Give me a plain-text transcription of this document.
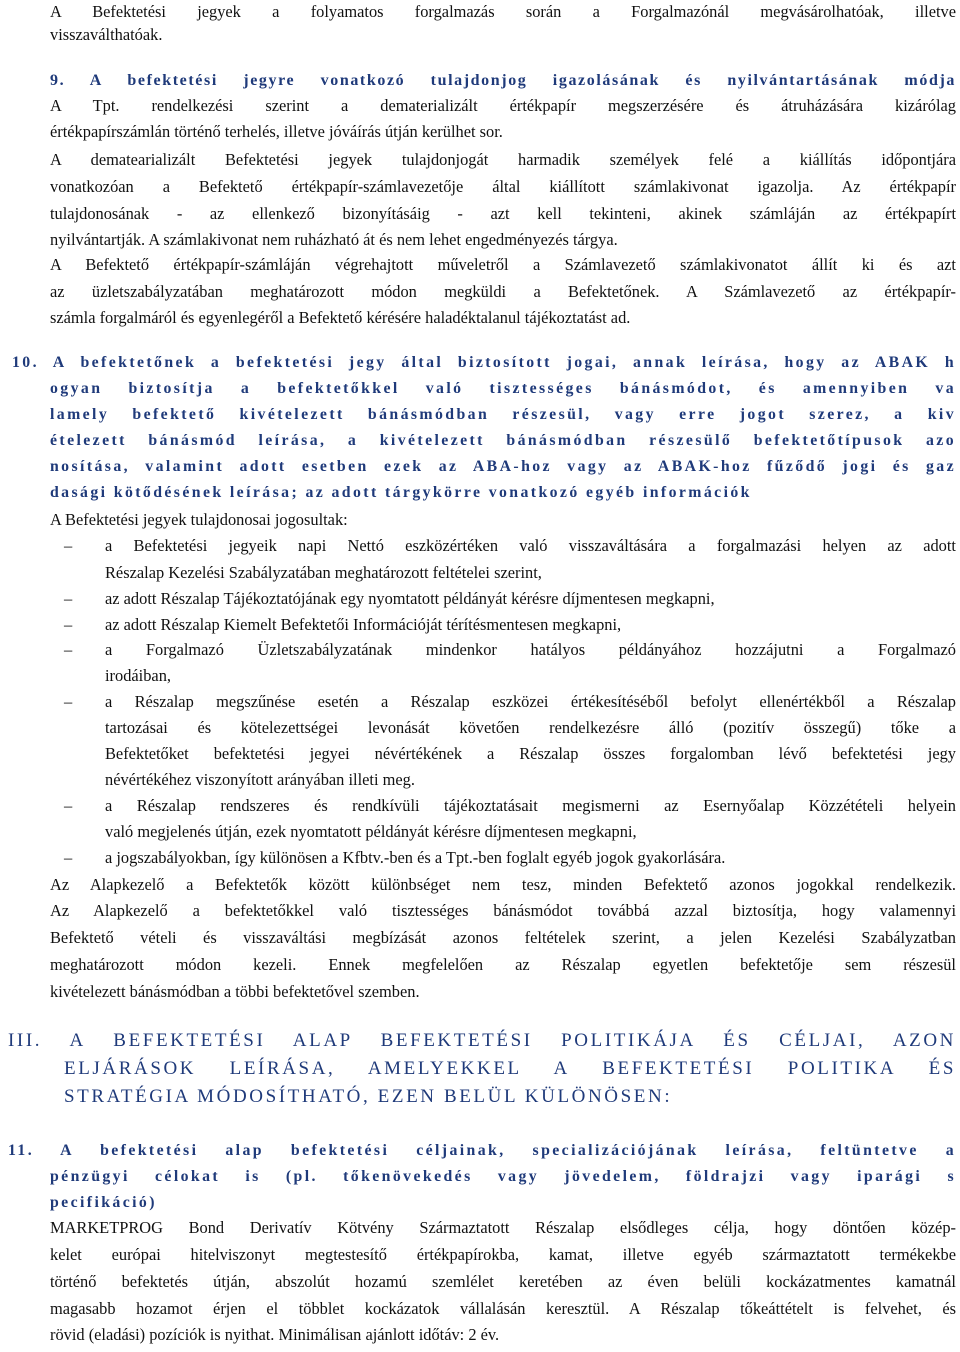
A Befektetési jegyek a folyamatos forgalmazás során a Forgalmazónál megvásárolhatóak, illetve
visszaválthatóak.
9. A befektetési jegyre vonatkozó tulajdonjog igazolásának és nyilvántartásának módja
A Tpt. rendelkezési szerint a dematerializált értékpapír megszerzésére és átruházására kizárólag
értékpapírszámlán történő terhelés, illetve jóváírás útján kerülhet sor.
A dematearializált Befektetési jegyek tulajdonjogát harmadik személyek felé a kiállítás időpontjára
vonatkozóan a Befektető értékpapír-számlavezetője által kiállított számlakivonat igazolja. Az értékpapír
tulajdonosának - az ellenkező bizonyításáig - azt kell tekinteni, akinek számláján az értékpapírt
nyilvántartják. A számlakivonat nem ruházható át és nem lehet engedményezés tárgya.
A Befektető értékpapír-számláján végrehajtott műveletről a Számlavezető számlakivonatot állít ki és azt
az üzletszabályzatában meghatározott módon megküldi a Befektetőnek. A Számlavezető az értékpapír-
számla forgalmáról és egyenlegéről a Befektető kérésére haladéktalanul tájékoztatást ad.
10. A befektetőnek a befektetési jegy által biztosított jogai, annak leírása, hogy az ABAK h
ogyan biztosítja a befektetőkkel való tisztességes bánásmódot, és amennyiben va
lamely befektető kivételezett bánásmódban részesül, vagy erre jogot szerez, a kiv
ételezett bánásmód leírása, a kivételezett bánásmódban részesülő befektetőtípusok azo
nosítása, valamint adott esetben ezek az ABA-hoz vagy az ABAK-hoz fűződő jogi és gaz
dasági kötődésének leírása; az adott tárgykörre vonatkozó egyéb információk
A Befektetési jegyek tulajdonosai jogosultak:
– a Befektetési jegyeik napi Nettó eszközértéken való visszaváltására a forgalmazási helyen az adott
Részalap Kezelési Szabályzatában meghatározott feltételei szerint,
– az adott Részalap Tájékoztatójának egy nyomtatott példányát kérésre díjmentesen megkapni,
– az adott Részalap Kiemelt Befektetői Információját térítésmentesen megkapni,
– a Forgalmazó Üzletszabályzatának mindenkor hatályos példányához hozzájutni a Forgalmazó
irodáiban,
– a Részalap megszűnése esetén a Részalap eszközei értékesítéséből befolyt ellenértékből a Részalap
tartozásai és kötelezettségei levonását követően rendelkezésre álló (pozitív összegű) tőke a
Befektetőket befektetési jegyei névértékének a Részalap összes forgalomban lévő befektetési jegy
névértékéhez viszonyított arányában illeti meg.
– a Részalap rendszeres és rendkívüli tájékoztatásait megismerni az Esernyőalap Közzétételi helyein
való megjelenés útján, ezek nyomtatott példányát kérésre díjmentesen megkapni,
– a jogszabályokban, így különösen a Kfbtv.-ben és a Tpt.-ben foglalt egyéb jogok gyakorlására.
Az Alapkezelő a Befektetők között különbséget nem tesz, minden Befektető azonos jogokkal rendelkezik.
Az Alapkezelő a befektetőkkel való tisztességes bánásmódot továbbá azzal biztosítja, hogy valamennyi
Befektető vételi és visszaváltási megbízását azonos feltételek szerint, a jelen Kezelési Szabályzatban
meghatározott módon kezeli. Ennek megfelelően az Részalap egyetlen befektetője sem részesül
kivételezett bánásmódban a többi befektetővel szemben.
III. A BEFEKTETÉSI ALAP BEFEKTETÉSI POLITIKÁJA ÉS CÉLJAI, AZON
ELJÁRÁSOK LEÍRÁSA, AMELYEKKEL A BEFEKTETÉSI POLITIKA ÉS
STRATÉGIA MÓDOSÍTHATÓ, EZEN BELÜL KÜLÖNÖSEN:
11. A befektetési alap befektetési céljainak, specializációjának leírása, feltüntetve a
pénzügyi célokat is (pl. tőkenövekedés vagy jövedelem, földrajzi vagy iparági s
pecifikáció)
MARKETPROG Bond Derivatív Kötvény Származtatott Részalap elsődleges célja, hogy döntően közép-
kelet európai hitelviszonyt megtestesítő értékpapírokba, kamat, illetve egyéb származtatott termékekbe
történő befektetés útján, abszolút hozamú szemlélet keretében az éven belüli kockázatmentes kamatnál
magasabb hozamot érjen el többlet kockázatok vállalásán keresztül. A Részalap tőkeáttételt is felvehet, és
rövid (eladási) pozíciók is nyithat. Minimálisan ajánlott időtáv: 2 év.
